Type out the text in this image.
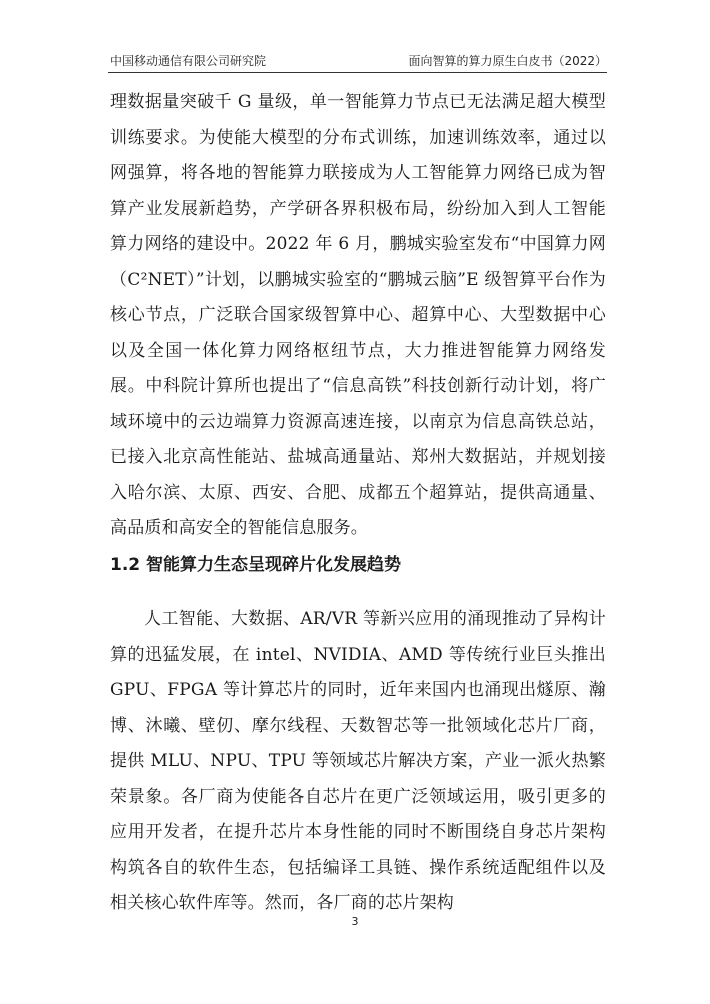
中国移动通信有限公司研究院	面向智算的算力原生白皮书（2022）

理数据量突破千 G 量级，单一智能算力节点已无法满足超大模型训练要求。为使能大模型的分布式训练，加速训练效率，通过以网强算，将各地的智能算力联接成为人工智能算力网络已成为智算产业发展新趋势，产学研各界积极布局，纷纷加入到人工智能算力网络的建设中。2022 年 6 月，鹏城实验室发布“中国算力网（C²NET）”计划，以鹏城实验室的“鹏城云脑”E 级智算平台作为核心节点，广泛联合国家级智算中心、超算中心、大型数据中心以及全国一体化算力网络枢纽节点，大力推进智能算力网络发展。中科院计算所也提出了“信息高铁”科技创新行动计划，将广域环境中的云边端算力资源高速连接，以南京为信息高铁总站，已接入北京高性能站、盐城高通量站、郑州大数据站，并规划接入哈尔滨、太原、西安、合肥、成都五个超算站，提供高通量、高品质和高安全的智能信息服务。

1.2 智能算力生态呈现碎片化发展趋势

人工智能、大数据、AR/VR 等新兴应用的涌现推动了异构计算的迅猛发展，在 intel、NVIDIA、AMD 等传统行业巨头推出 GPU、FPGA 等计算芯片的同时，近年来国内也涌现出燧原、瀚博、沐曦、壁仞、摩尔线程、天数智芯等一批领域化芯片厂商，提供 MLU、NPU、TPU 等领域芯片解决方案，产业一派火热繁荣景象。各厂商为使能各自芯片在更广泛领域运用，吸引更多的应用开发者，在提升芯片本身性能的同时不断围绕自身芯片架构构筑各自的软件生态，包括编译工具链、操作系统适配组件以及相关核心软件库等。然而，各厂商的芯片架构

3
